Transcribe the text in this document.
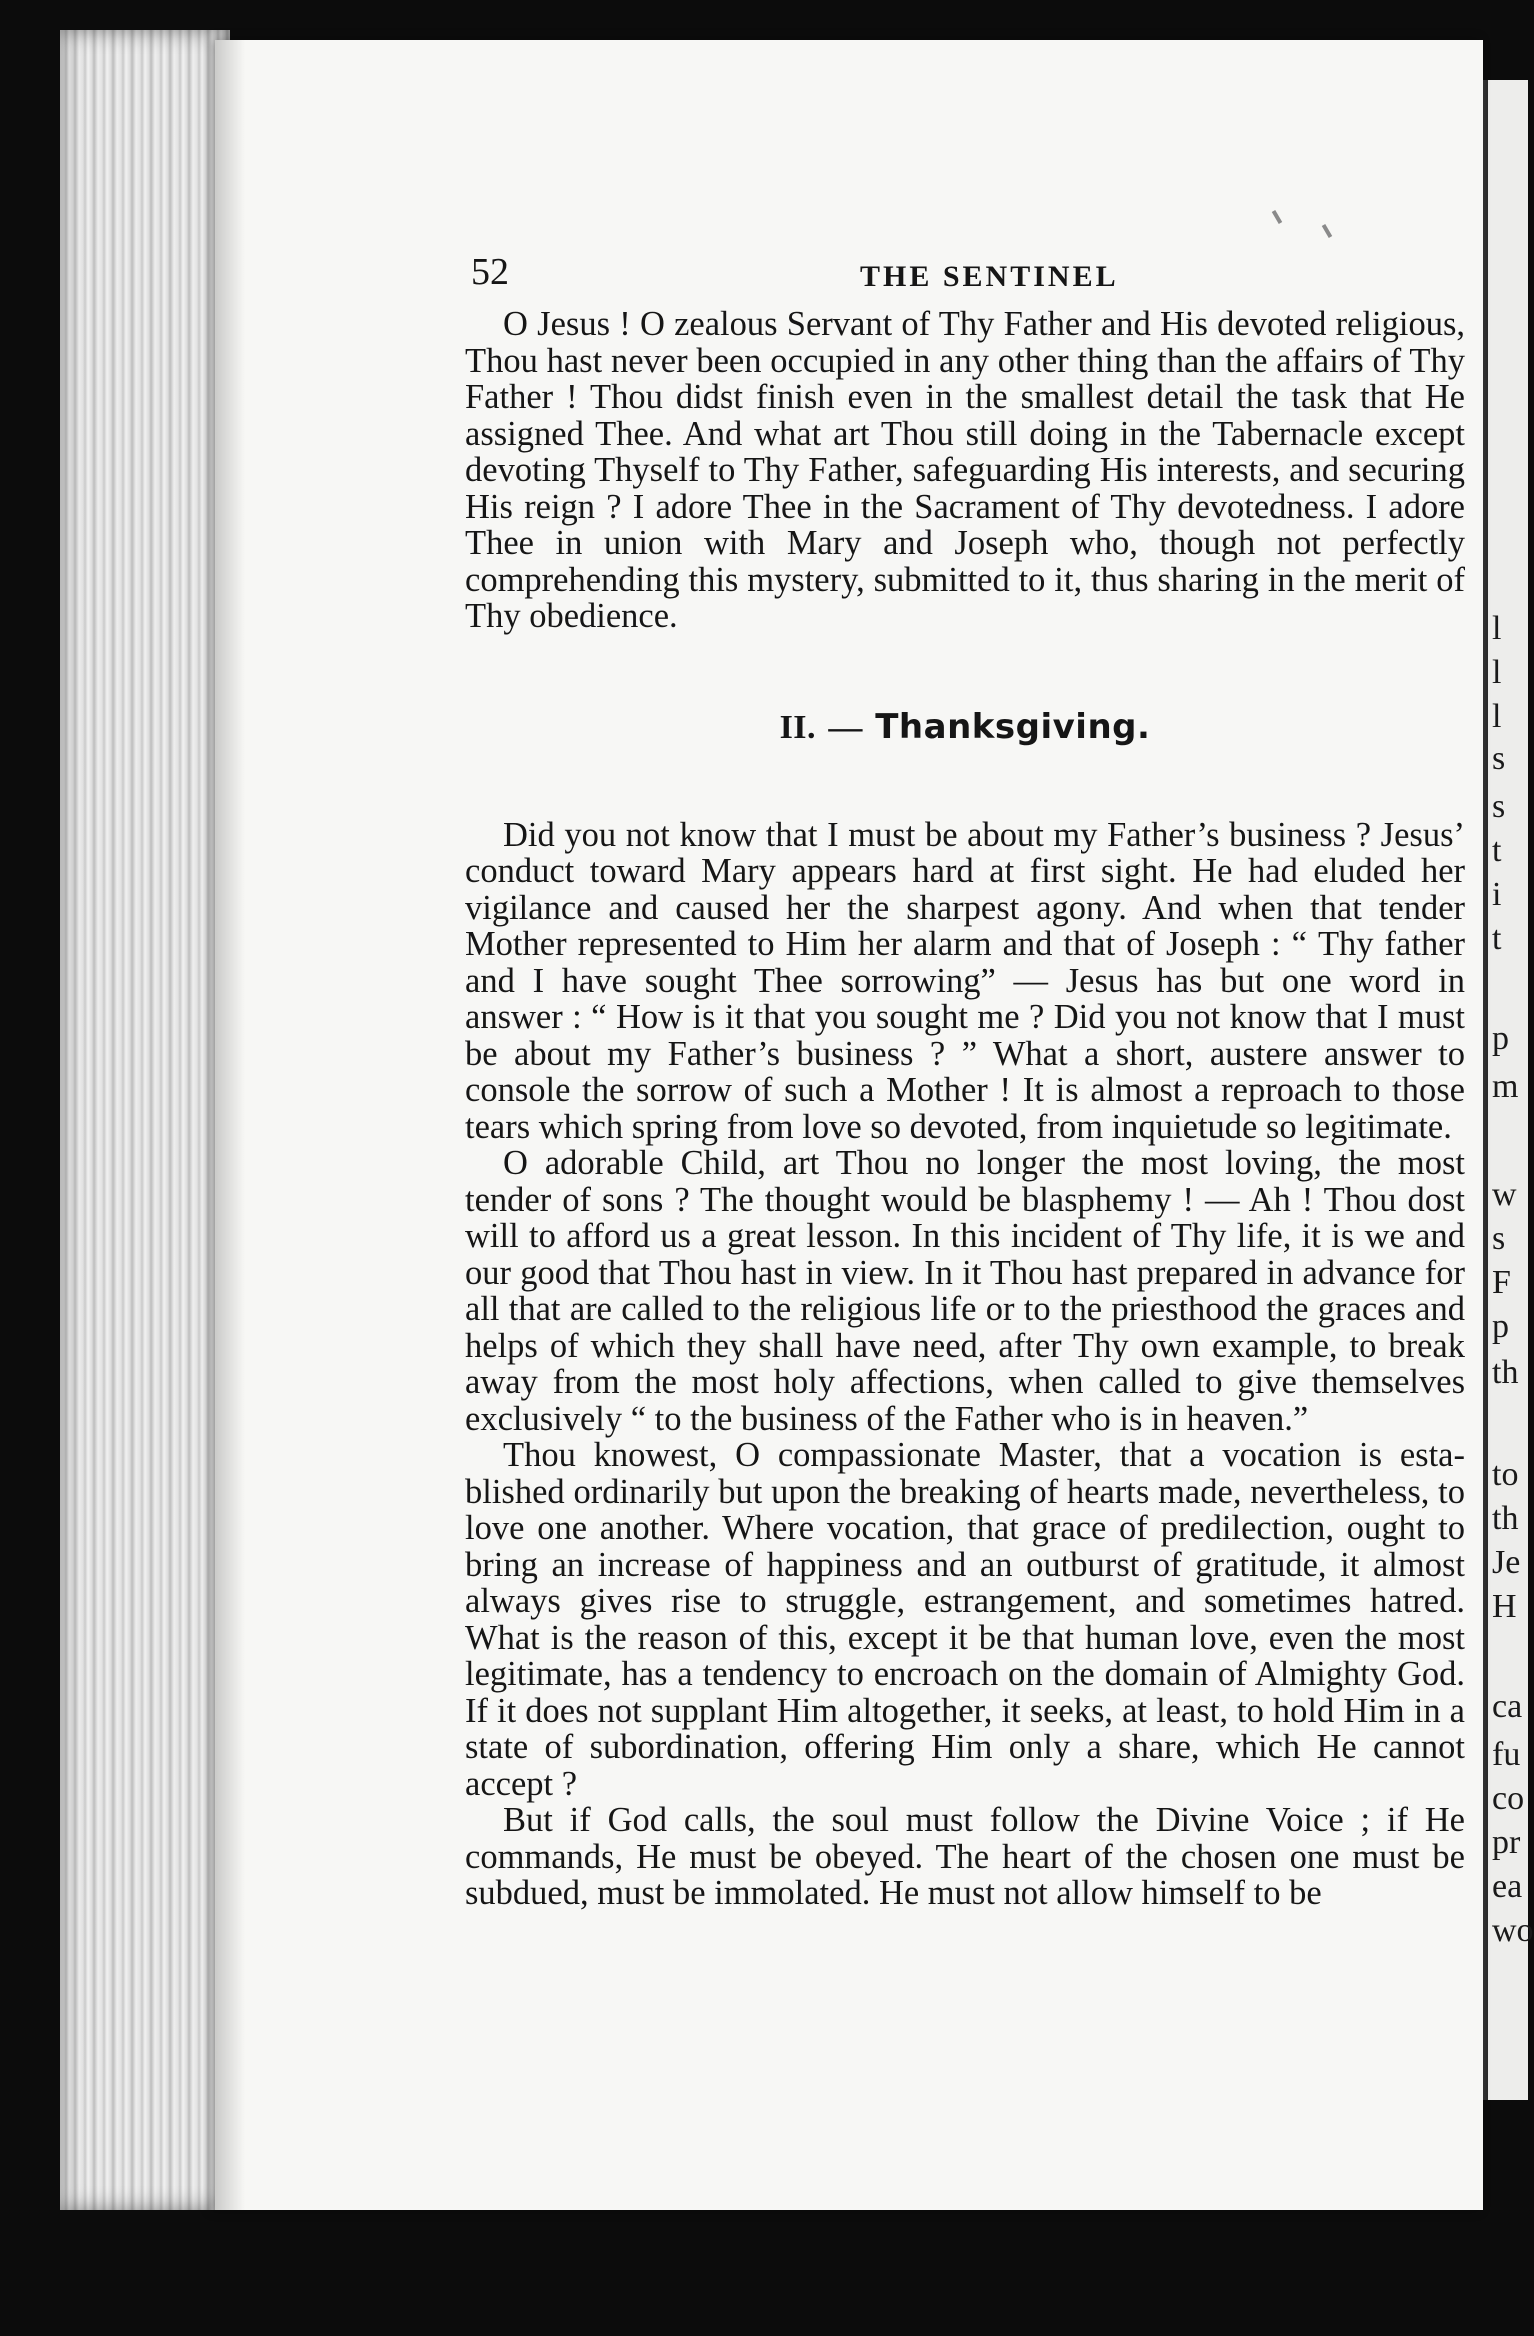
l
l
l
s
s
t
i
t
p
m
w
s
F
p
th
to
th
Je
H
ca
fu
co
pr
ea
wo
52	THE SENTINEL

O Jesus ! O zealous Servant of Thy Father and His devoted religious, Thou hast never been occupied in any other thing than the affairs of Thy Father ! Thou didst finish even in the smallest detail the task that He assigned Thee. And what art Thou still doing in the Tabernacle except devoting Thyself to Thy Father, safeguarding His interests, and securing His reign ? I adore Thee in the Sacrament of Thy devotedness. I adore Thee in union with Mary and Joseph who, though not perfectly comprehending this mystery, submitted to it, thus sharing in the merit of Thy obedience.

II. — Thanksgiving.

Did you not know that I must be about my Father’s business ? Jesus’ conduct toward Mary appears hard at first sight. He had eluded her vigilance and caused her the sharpest agony. And when that tender Mother represented to Him her alarm and that of Joseph : “ Thy father and I have sought Thee sorrowing” — Jesus has but one word in answer : “ How is it that you sought me ? Did you not know that I must be about my Father’s business ? ” What a short, austere answer to console the sorrow of such a Mother ! It is almost a reproach to those tears which spring from love so devoted, from inquietude so legitimate.

O adorable Child, art Thou no longer the most loving, the most tender of sons ? The thought would be blasphemy ! — Ah ! Thou dost will to afford us a great lesson. In this incident of Thy life, it is we and our good that Thou hast in view. In it Thou hast prepared in advance for all that are called to the religious life or to the priesthood the graces and helps of which they shall have need, after Thy own example, to break away from the most holy affections, when called to give themselves exclusively “ to the business of the Father who is in heaven.”

Thou knowest, O compassionate Master, that a vocation is established ordinarily but upon the breaking of hearts made, nevertheless, to love one another. Where vocation, that grace of predilection, ought to bring an increase of happiness and an outburst of gratitude, it almost always gives rise to struggle, estrangement, and sometimes hatred. What is the reason of this, except it be that human love, even the most legitimate, has a tendency to encroach on the domain of Almighty God. If it does not supplant Him altogether, it seeks, at least, to hold Him in a state of subordination, offering Him only a share, which He cannot accept ?

But if God calls, the soul must follow the Divine Voice ; if He commands, He must be obeyed. The heart of the chosen one must be subdued, must be immolated. He must not allow himself to be
